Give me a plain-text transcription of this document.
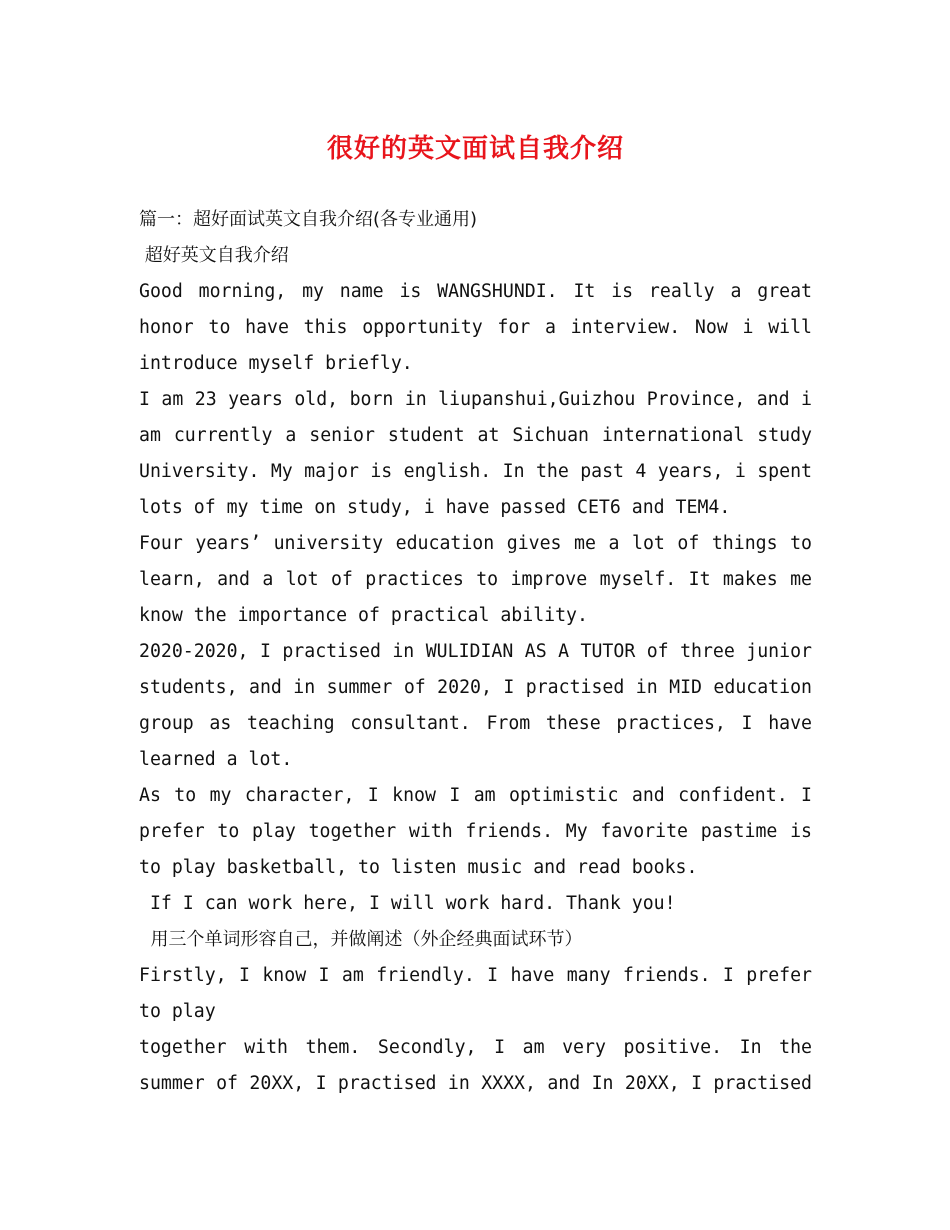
很好的英文面试自我介绍
篇一：超好面试英文自我介绍(各专业通用)
超好英文自我介绍
Good morning, my name is WANGSHUNDI. It is really a great
honor to have this opportunity for a interview. Now i will
introduce myself briefly.
I am 23 years old, born in liupanshui,Guizhou Province, and i
am currently a senior student at Sichuan international study
University. My major is english. In the past 4 years, i spent
lots of my time on study, i have passed CET6 and TEM4.
Four years’ university education gives me a lot of things to
learn, and a lot of practices to improve myself. It makes me
know the importance of practical ability.
2020-2020, I practised in WULIDIAN AS A TUTOR of three junior
students, and in summer of 2020, I practised in MID education
group as teaching consultant. From these practices, I have
learned a lot.
As to my character, I know I am optimistic and confident. I
prefer to play together with friends. My favorite pastime is
to play basketball, to listen music and read books.
If I can work here, I will work hard. Thank you!
用三个单词形容自己，并做阐述（外企经典面试环节）
Firstly, I know I am friendly. I have many friends. I prefer
to play
together with them. Secondly, I am very positive. In the
summer of 20XX, I practised in XXXX, and In 20XX, I practised
